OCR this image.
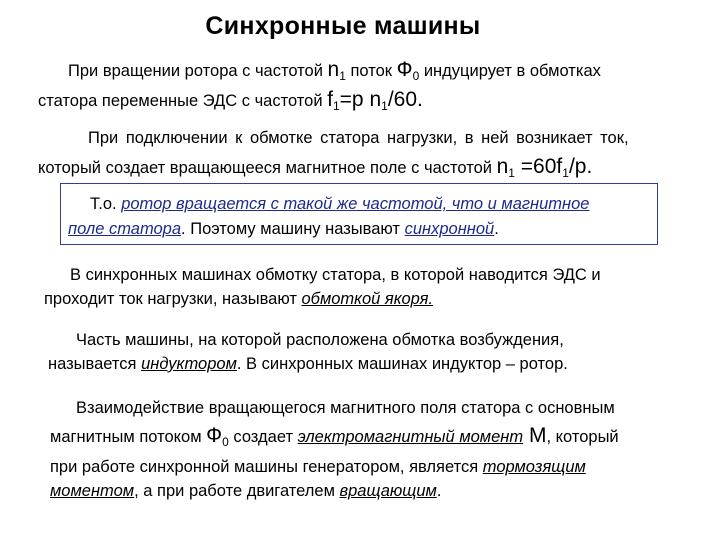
Синхронные машины
При вращении ротора с частотой $n_1$ поток $Ф_0$ индуцирует в обмотках
статора переменные ЭДС с частотой $f_1=p$ $n_1/60$.
При подключении к обмотке статора нагрузки, в ней возникает ток,
который создает вращающееся магнитное поле с частотой $n_1 =60f_1/p$.
Т.о. ротор вращается с такой же частотой, что и магнитное
поле статора. Поэтому машину называют синхронной.
В синхронных машинах обмотку статора, в которой наводится ЭДС и
проходит ток нагрузки, называют обмоткой якоря.
Часть машины, на которой расположена обмотка возбуждения,
называется индуктором. В синхронных машинах индуктор – ротор.
Взаимодействие вращающегося магнитного поля статора с основным
магнитным потоком $Ф_0$ создает электромагнитный момент М, который
при работе синхронной машины генератором, является тормозящим
моментом, а при работе двигателем вращающим.
